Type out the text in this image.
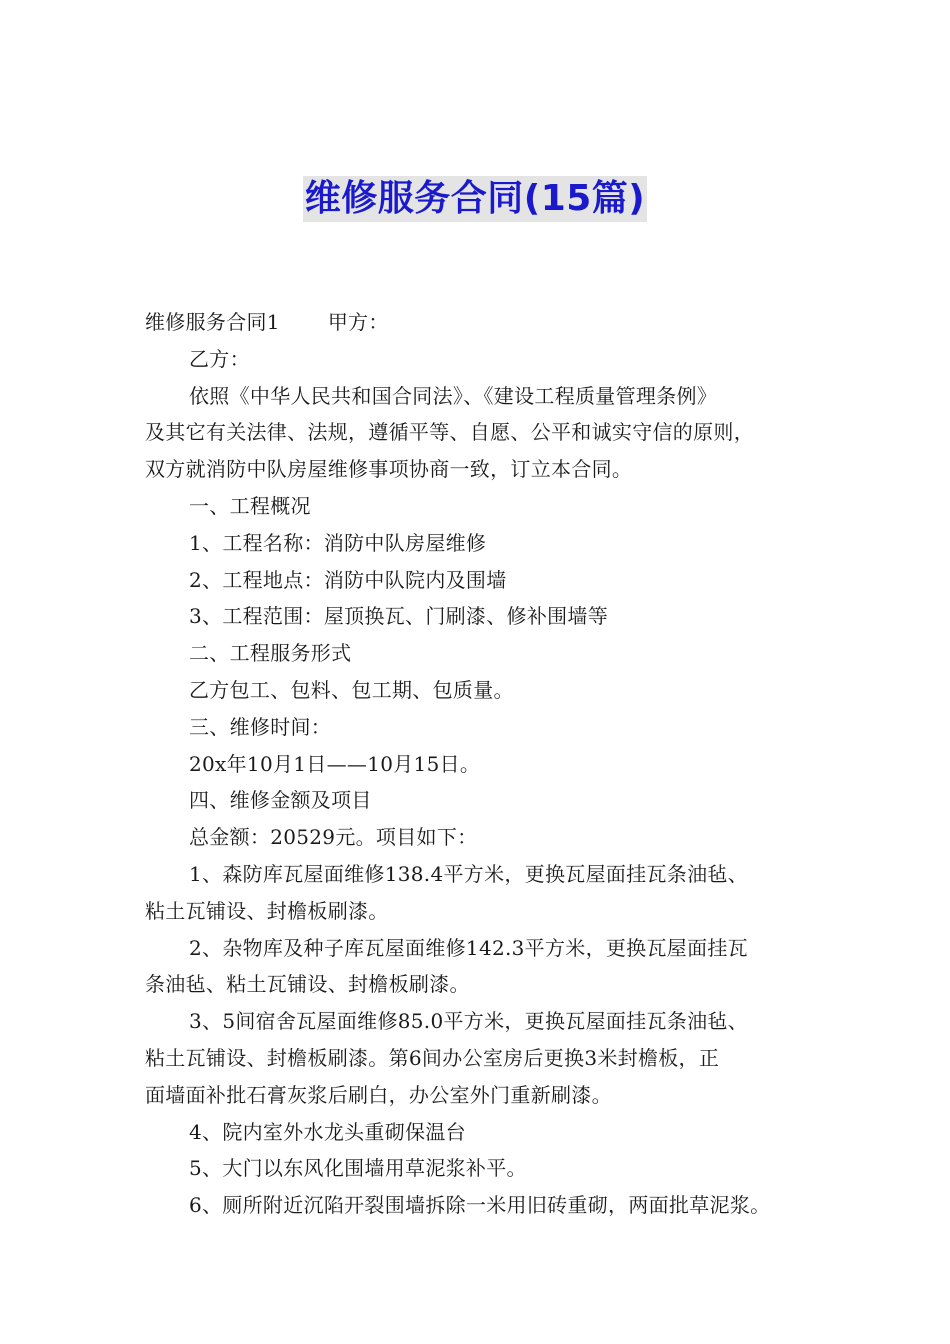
维修服务合同(15篇)
维修服务合同1 甲方：
乙方：
依照《中华人民共和国合同法》、《建设工程质量管理条例》
及其它有关法律、法规，遵循平等、自愿、公平和诚实守信的原则，
双方就消防中队房屋维修事项协商一致，订立本合同。
一、工程概况
1、工程名称：消防中队房屋维修
2、工程地点：消防中队院内及围墙
3、工程范围：屋顶换瓦、门刷漆、修补围墙等
二、工程服务形式
乙方包工、包料、包工期、包质量。
三、维修时间：
20x年10月1日——10月15日。
四、维修金额及项目
总金额：20529元。项目如下：
1、森防库瓦屋面维修138.4平方米，更换瓦屋面挂瓦条油毡、
粘土瓦铺设、封檐板刷漆。
2、杂物库及种子库瓦屋面维修142.3平方米，更换瓦屋面挂瓦
条油毡、粘土瓦铺设、封檐板刷漆。
3、5间宿舍瓦屋面维修85.0平方米，更换瓦屋面挂瓦条油毡、
粘土瓦铺设、封檐板刷漆。第6间办公室房后更换3米封檐板，正
面墙面补批石膏灰浆后刷白，办公室外门重新刷漆。
4、院内室外水龙头重砌保温台
5、大门以东风化围墙用草泥浆补平。
6、厕所附近沉陷开裂围墙拆除一米用旧砖重砌，两面批草泥浆。
